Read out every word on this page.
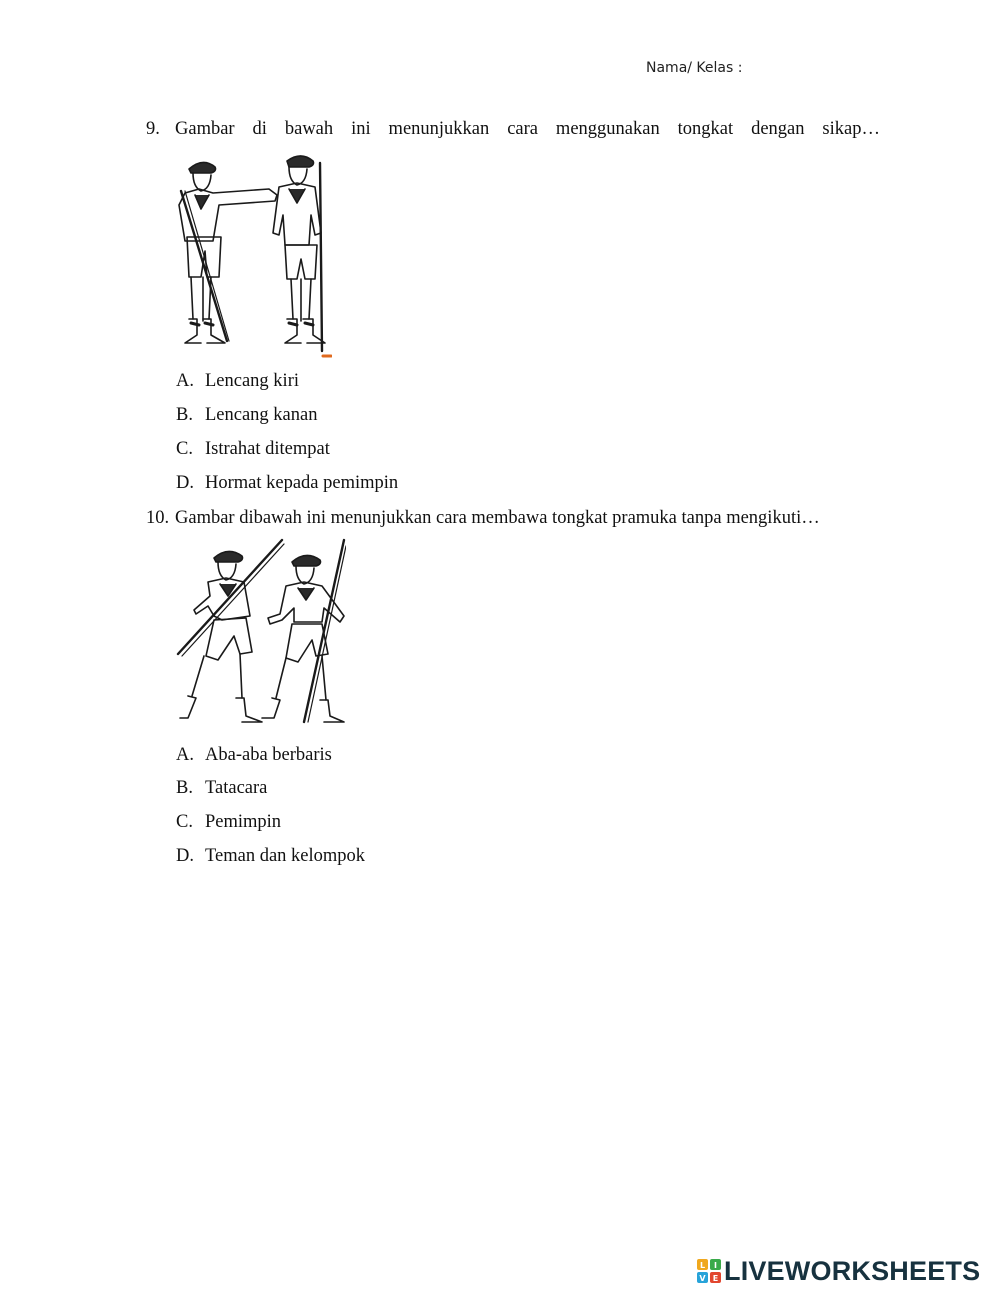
Nama/ Kelas :
9. Gambar di bawah ini menunjukkan cara menggunakan tongkat dengan sikap…
A. Lencang kiri
B. Lencang kanan
C. Istrahat ditempat
D. Hormat kepada pemimpin
10. Gambar dibawah ini menunjukkan cara membawa tongkat pramuka tanpa mengikuti…
A. Aba-aba berbaris
B. Tatacara
C. Pemimpin
D. Teman dan kelompok
L I
V E LIVEWORKSHEETS
